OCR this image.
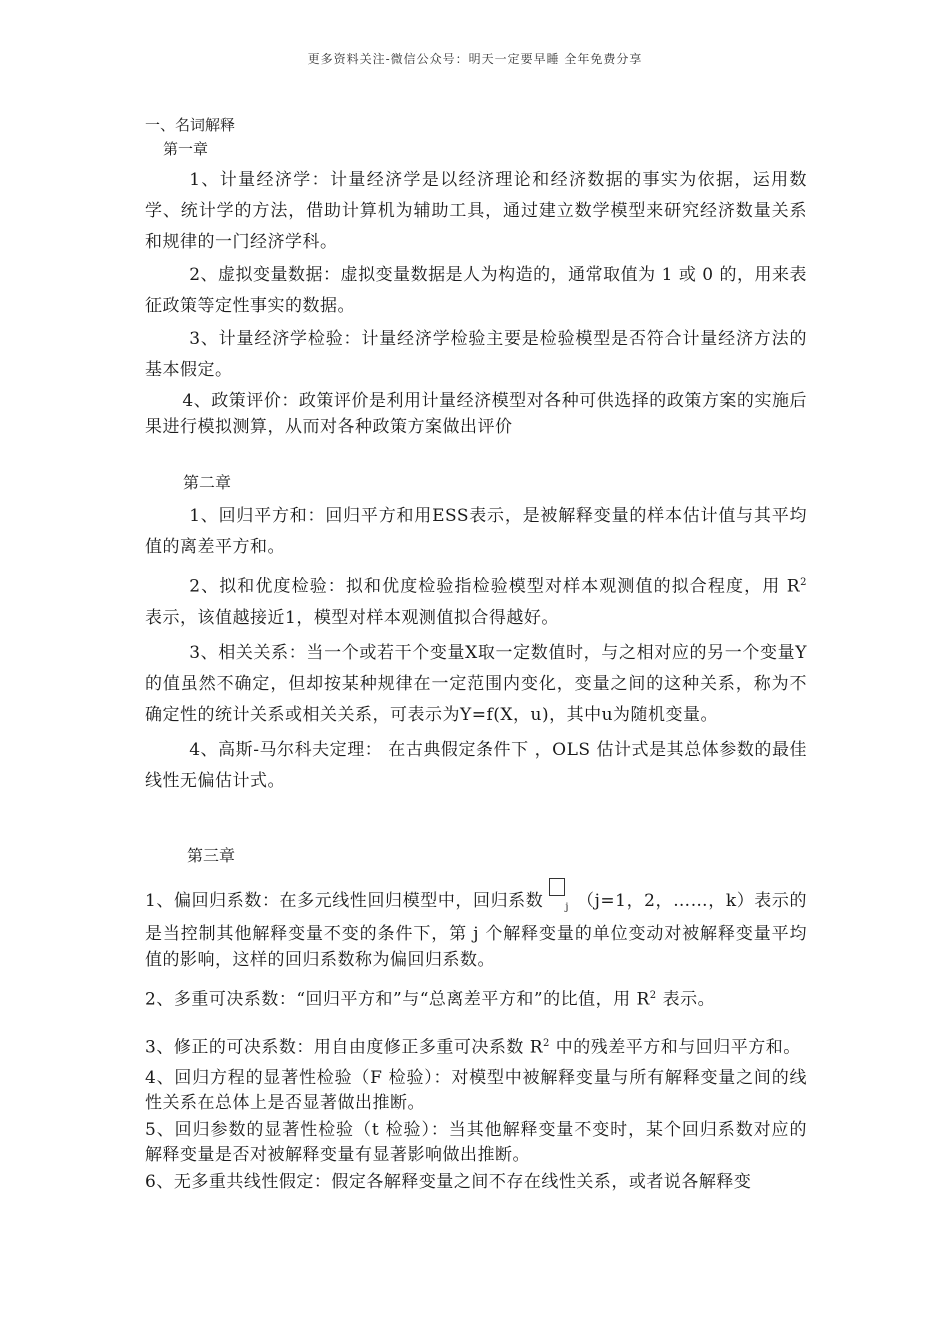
更多资料关注-微信公众号：明天一定要早睡 全年免费分享

一、名词解释

第一章

1、计量经济学：计量经济学是以经济理论和经济数据的事实为依据，运用数学、统计学的方法，借助计算机为辅助工具，通过建立数学模型来研究经济数量关系和规律的一门经济学科。

2、虚拟变量数据：虚拟变量数据是人为构造的，通常取值为 1 或 0 的，用来表征政策等定性事实的数据。

3、计量经济学检验：计量经济学检验主要是检验模型是否符合计量经济方法的基本假定。

4、政策评价：政策评价是利用计量经济模型对各种可供选择的政策方案的实施后果进行模拟测算，从而对各种政策方案做出评价

第二章

1、回归平方和：回归平方和用ESS表示，是被解释变量的样本估计值与其平均值的离差平方和。

2、拟和优度检验：拟和优度检验指检验模型对样本观测值的拟合程度，用 $R^2$ 表示，该值越接近1，模型对样本观测值拟合得越好。

3、相关关系：当一个或若干个变量X取一定数值时，与之相对应的另一个变量Y的值虽然不确定，但却按某种规律在一定范围内变化，变量之间的这种关系，称为不确定性的统计关系或相关关系，可表示为Y=f(X，u)，其中u为随机变量。

4、高斯-马尔科夫定理： 在古典假定条件下 ，OLS 估计式是其总体参数的最佳线性无偏估计式。

第三章

1、偏回归系数：在多元线性回归模型中，回归系数 $_j$ （j=1，2，……，k）表示的是当控制其他解释变量不变的条件下，第 j 个解释变量的单位变动对被解释变量平均值的影响，这样的回归系数称为偏回归系数。

2、多重可决系数：“回归平方和”与“总离差平方和”的比值，用 $R^2$ 表示。

3、修正的可决系数：用自由度修正多重可决系数 $R^2$ 中的残差平方和与回归平方和。

4、回归方程的显著性检验（F 检验）：对模型中被解释变量与所有解释变量之间的线性关系在总体上是否显著做出推断。

5、回归参数的显著性检验（t 检验）：当其他解释变量不变时，某个回归系数对应的解释变量是否对被解释变量有显著影响做出推断。

6、无多重共线性假定：假定各解释变量之间不存在线性关系，或者说各解释变
